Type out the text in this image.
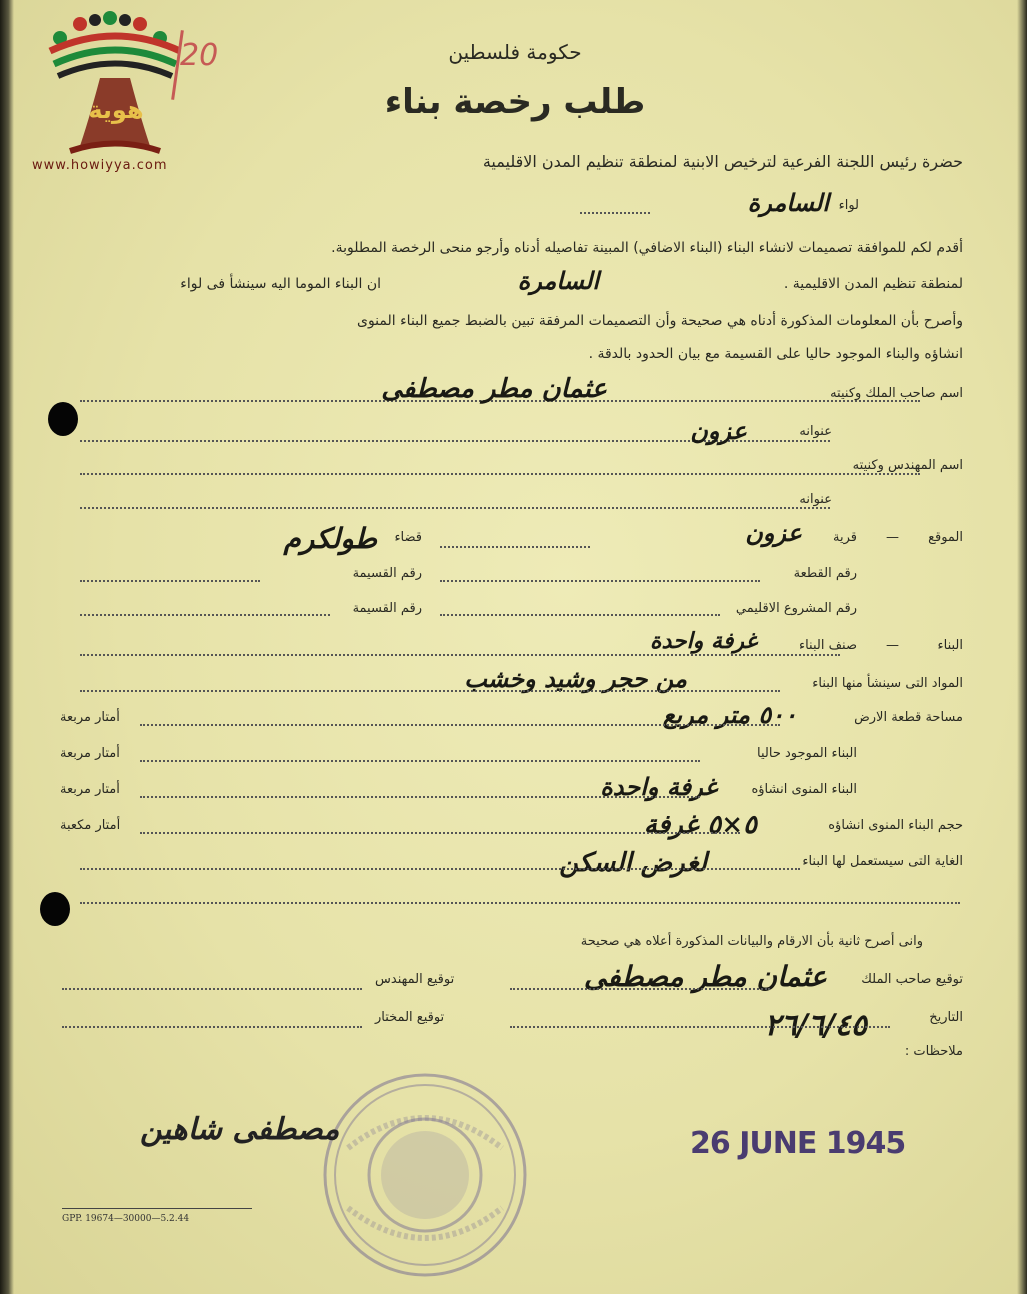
هوية
www.howiyya.com
20	حكومة فلسطين
طلب رخصة بناء
حضرة رئيس اللجنة الفرعية لترخيص الابنية لمنطقة تنظيم المدن الاقليمية
لواء
السامرة
أقدم لكم للموافقة تصميمات لانشاء البناء (البناء الاضافي) المبينة تفاصيله أدناه وأرجو منحى الرخصة المطلوبة.
لمنطقة تنظيم المدن الاقليمية .
ان البناء الموما اليه سينشأ فى لواء	السامرة
وأصرح بأن المعلومات المذكورة أدناه هي صحيحة وأن التصميمات المرفقة تبين بالضبط جميع البناء المنوى
انشاؤه والبناء الموجود حاليا على القسيمة مع بيان الحدود بالدقة .
اسم صاحب الملك وكنيته
عثمان مطر مصطفى
عنوانه
عزون
اسم المهندس وكنيته
عنوانه
الموقع
—
قرية
عزون
قضاء
طولكرم
رقم القطعة
رقم القسيمة
رقم المشروع الاقليمي
رقم القسيمة
البناء
—
صنف البناء
غرفة واحدة
المواد التى سينشأ منها البناء
من حجر وشيد وخشب
مساحة قطعة الارض
٥٠٠ متر مربع
أمتار مربعة
البناء الموجود حاليا
أمتار مربعة
البناء المنوى انشاؤه
غرفة واحدة
أمتار مربعة
حجم البناء المنوى انشاؤه
٥×٥ غرفة
أمتار مكعبة
الغاية التى سيستعمل لها البناء
لغرض السكن
وانى أصرح ثانية بأن الارقام والبيانات المذكورة أعلاه هي صحيحة
توقيع صاحب الملك
عثمان مطر مصطفى
توقيع المهندس
التاريخ
٢٦/٦/٤٥
توقيع المختار
ملاحظات :
26 JUNE 1945
مصطفى شاهين
GPP. 19674—30000—5.2.44
